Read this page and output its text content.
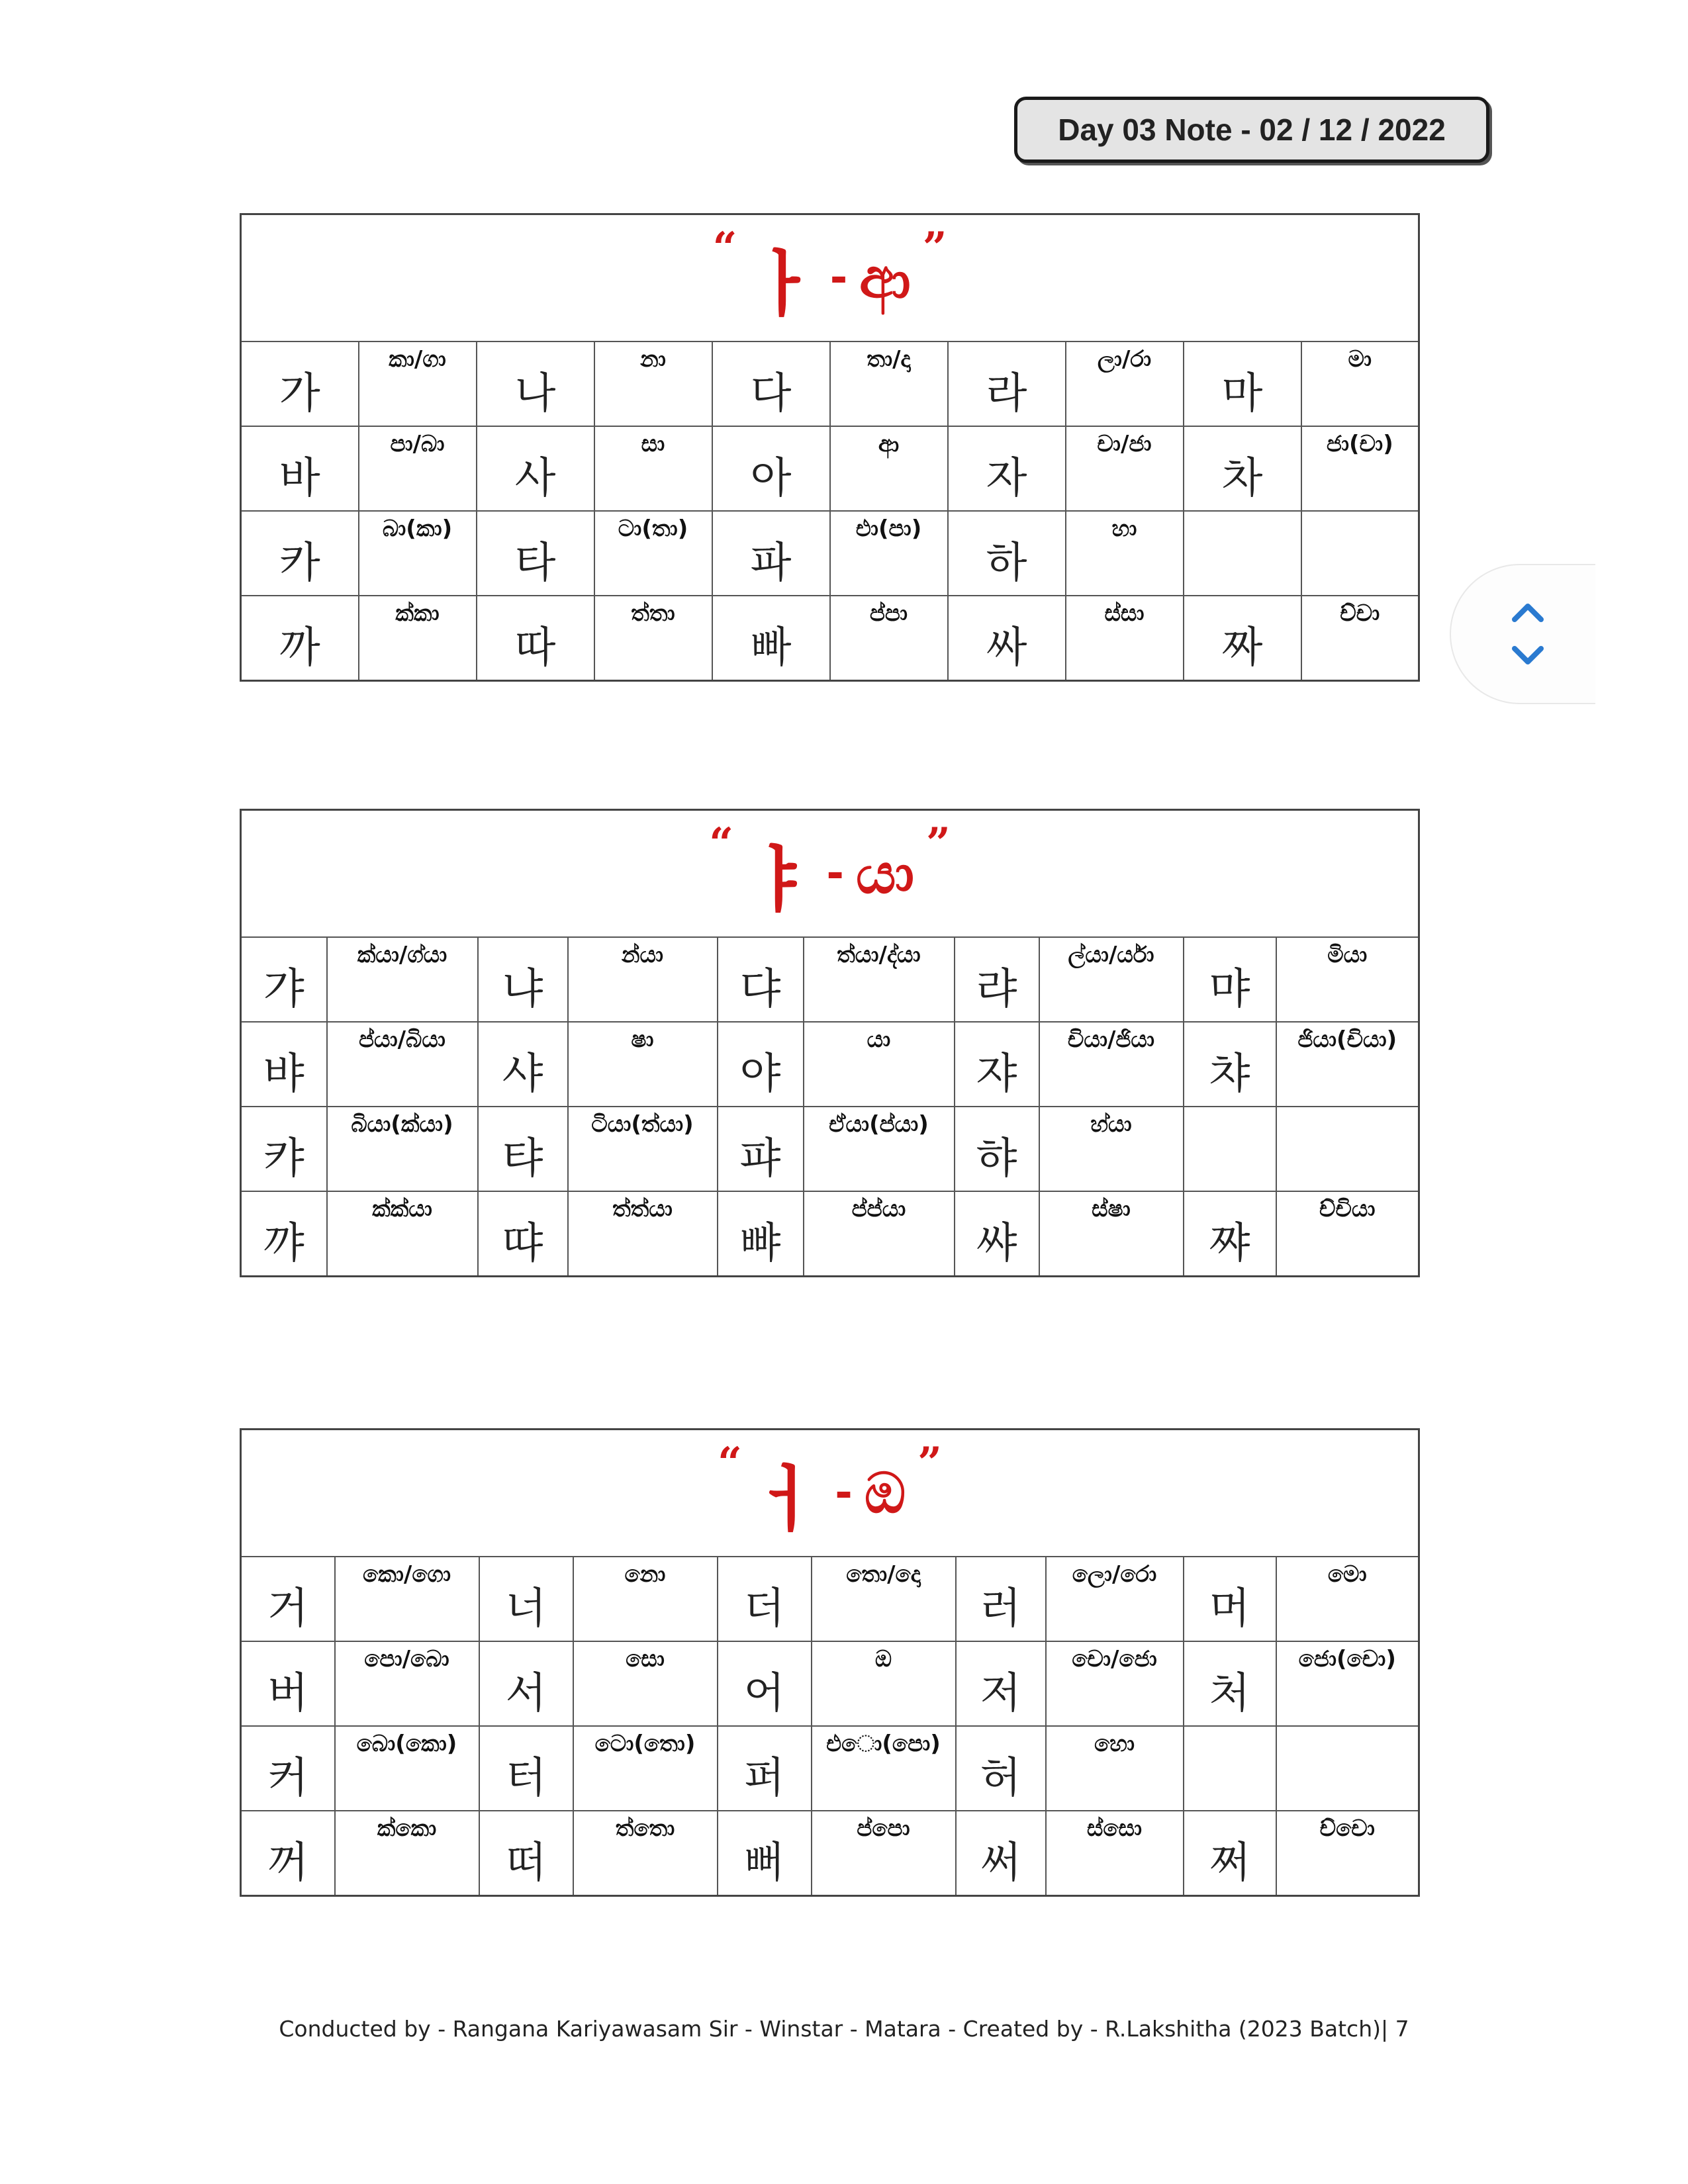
Day 03 Note - 02 / 12 / 2022
“ ㅏ - ආ ”									

가	කා/ගා	나	නා	다	තා/දා	라	ලා/රා	마	මා
바	පා/බා	사	සා	아	ආ	자	චා/ජා	차	ජා(චා)
카	බා(කා)	타	ටා(තා)	파	එා(පා)	하	හා		
까	ක්කා	따	ත්තා	빠	ප්පා	싸	ස්සා	짜	ච්චා
“ ㅑ - යා ”									

갸	ක්යා/ග්යා	냐	න්යා	댜	ත්යා/ද්යා	랴	ල්යා/ර්යා	먀	මියා
뱌	ප්යා/බියා	샤	ෂා	야	යා	쟈	චියා/ජියා	챠	ජියා(චියා)
캬	බියා(ක්යා)	탸	ටියා(ත්යා)	퍄	ඒයා(ප්යා)	햐	හ්යා		
꺄	ක්ක්යා	땨	ත්ත්යා	뺘	ප්ප්යා	쌰	ස්ෂා	쨔	ච්චියා
“ ㅓ - ඔ ”									

거	කො/ගො	너	නො	더	තො/දො	러	ලො/රො	머	මො
버	පො/බො	서	සො	어	ඔ	저	චො/ජො	처	ජො(චො)
커	බො(කො)	터	ටො(තො)	퍼	එො(පො)	허	හො		
꺼	ක්කො	떠	ත්තො	뻐	ප්පො	써	ස්සො	쩌	ච්චො
Conducted by - Rangana Kariyawasam Sir - Winstar - Matara - Created by - R.Lakshitha (2023 Batch)| 7
